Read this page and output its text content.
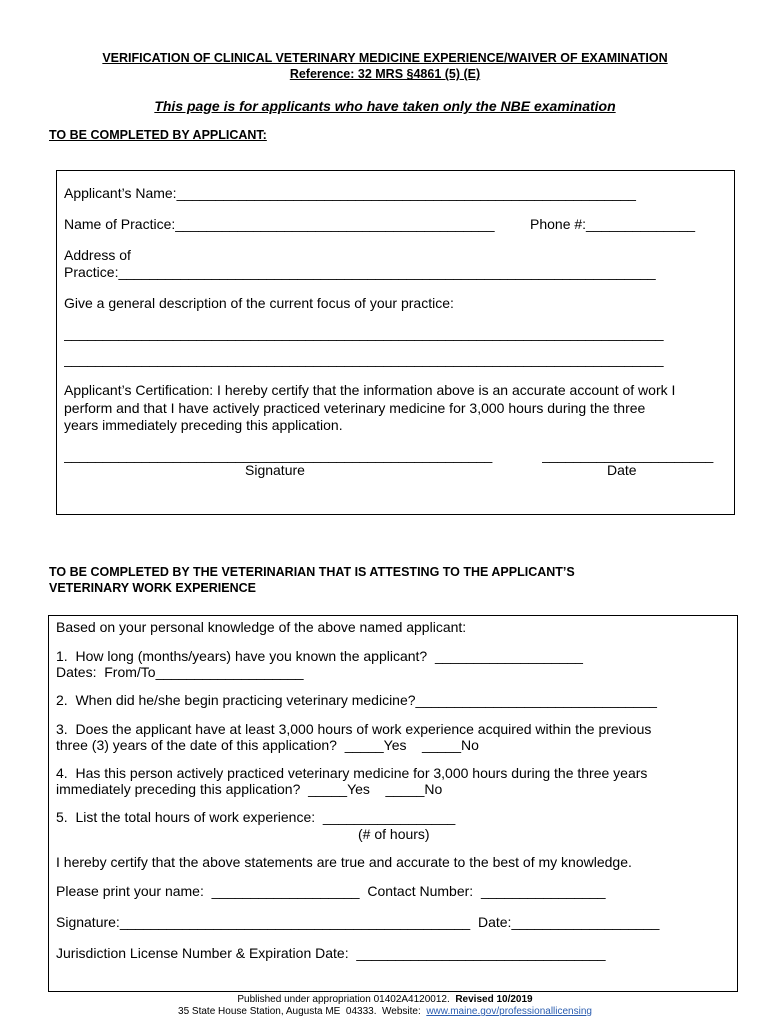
VERIFICATION OF CLINICAL VETERINARY MEDICINE EXPERIENCE/WAIVER OF EXAMINATION
Reference: 32 MRS §4861 (5) (E)
This page is for applicants who have taken only the NBE examination
TO BE COMPLETED BY APPLICANT:
Applicant’s Name:___________________________________________________________
Name of Practice:_________________________________________	Phone #:______________
Address of
Practice:_____________________________________________________________________
Give a general description of the current focus of your practice:
_____________________________________________________________________________
_____________________________________________________________________________
Applicant’s Certification: I hereby certify that the information above is an accurate account of work I
perform and that I have actively practiced veterinary medicine for 3,000 hours during the three
years immediately preceding this application.
_______________________________________________________	______________________
Signature	Date
TO BE COMPLETED BY THE VETERINARIAN THAT IS ATTESTING TO THE APPLICANT’S
VETERINARY WORK EXPERIENCE
Based on your personal knowledge of the above named applicant:
1.  How long (months/years) have you known the applicant?  ___________________
Dates:  From/To___________________
2.  When did he/she begin practicing veterinary medicine?_______________________________
3.  Does the applicant have at least 3,000 hours of work experience acquired within the previous
three (3) years of the date of this application?  _____Yes    _____No
4.  Has this person actively practiced veterinary medicine for 3,000 hours during the three years
immediately preceding this application?  _____Yes    _____No
5.  List the total hours of work experience:  _________________
(# of hours)
I hereby certify that the above statements are true and accurate to the best of my knowledge.
Please print your name:  ___________________  Contact Number:  ________________
Signature:_____________________________________________  Date:___________________
Jurisdiction License Number & Expiration Date:  ________________________________
Published under appropriation 01402A4120012.  Revised 10/2019
35 State House Station, Augusta ME  04333.  Website:  www.maine.gov/professionallicensing
